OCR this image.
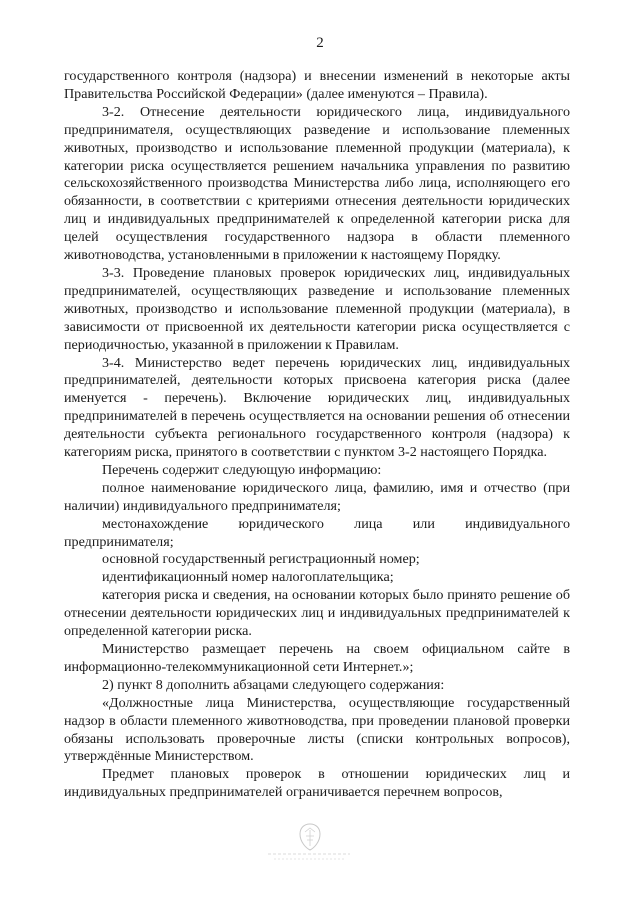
2

государственного контроля (надзора) и внесении изменений в некоторые акты Правительства Российской Федерации» (далее именуются – Правила).

3-2. Отнесение деятельности юридического лица, индивидуального предпринимателя, осуществляющих разведение и использование племенных животных, производство и использование племенной продукции (материала), к категории риска осуществляется решением начальника управления по развитию сельскохозяйственного производства Министерства либо лица, исполняющего его обязанности, в соответствии с критериями отнесения деятельности юридических лиц и индивидуальных предпринимателей к определенной категории риска для целей осуществления государственного надзора в области племенного животноводства, установленными в приложении к настоящему Порядку.

3-3. Проведение плановых проверок юридических лиц, индивидуальных предпринимателей, осуществляющих разведение и использование племенных животных, производство и использование племенной продукции (материала), в зависимости от присвоенной их деятельности категории риска осуществляется с периодичностью, указанной в приложении к Правилам.

3-4. Министерство ведет перечень юридических лиц, индивидуальных предпринимателей, деятельности которых присвоена категория риска (далее именуется - перечень). Включение юридических лиц, индивидуальных предпринимателей в перечень осуществляется на основании решения об отнесении деятельности субъекта регионального государственного контроля (надзора) к категориям риска, принятого в соответствии с пунктом 3-2 настоящего Порядка.

Перечень содержит следующую информацию:

полное наименование юридического лица, фамилию, имя и отчество (при наличии) индивидуального предпринимателя;

местонахождение юридического лица или индивидуального предпринимателя;

основной государственный регистрационный номер;

идентификационный номер налогоплательщика;

категория риска и сведения, на основании которых было принято решение об отнесении деятельности юридических лиц и индивидуальных предпринимателей к определенной категории риска.

Министерство размещает перечень на своем официальном сайте в информационно-телекоммуникационной сети Интернет.»;

2) пункт 8 дополнить абзацами следующего содержания:

«Должностные лица Министерства, осуществляющие государственный надзор в области племенного животноводства, при проведении плановой проверки обязаны использовать проверочные листы (списки контрольных вопросов), утверждённые Министерством.

Предмет плановых проверок в отношении юридических лиц и индивидуальных предпринимателей ограничивается перечнем вопросов,
